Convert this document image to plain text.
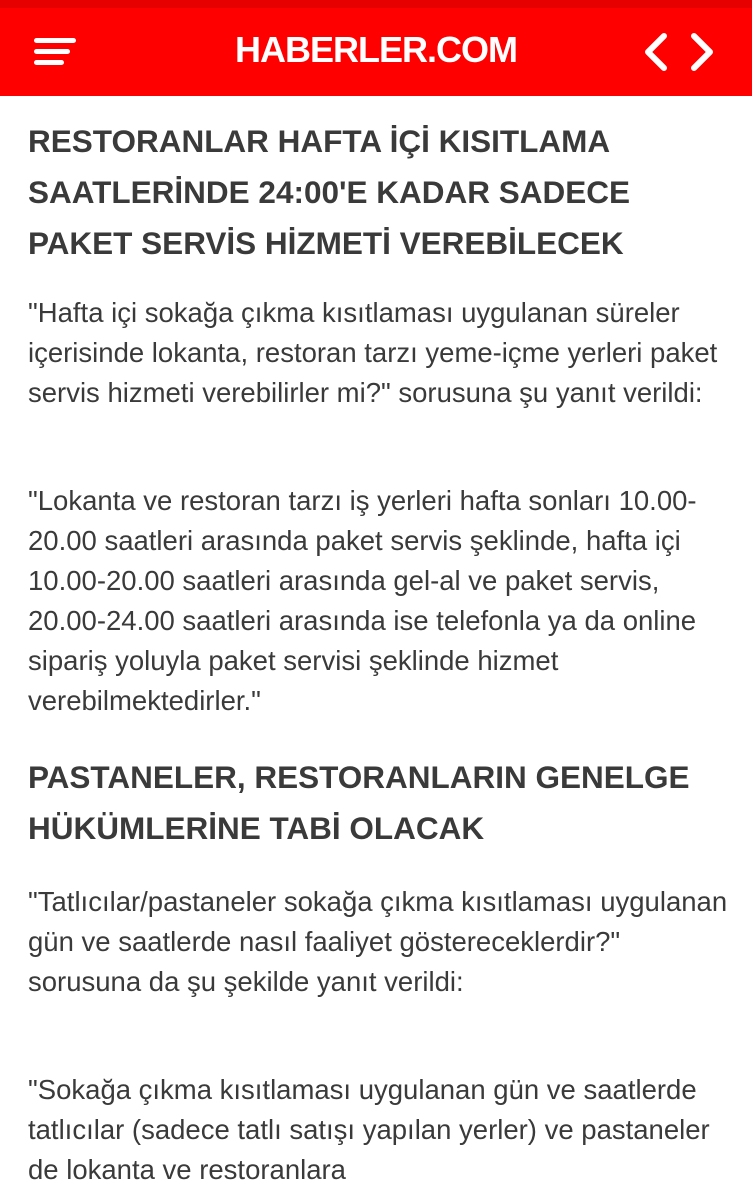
HABERLER.COM
RESTORANLAR HAFTA İÇİ KISITLAMA SAATLERİNDE 24:00'E KADAR SADECE PAKET SERVİS HİZMETİ VEREBİLECEK

"Hafta içi sokağa çıkma kısıtlaması uygulanan süreler içerisinde lokanta, restoran tarzı yeme-içme yerleri paket servis hizmeti verebilirler mi?" sorusuna şu yanıt verildi:

"Lokanta ve restoran tarzı iş yerleri hafta sonları 10.00-20.00 saatleri arasında paket servis şeklinde, hafta içi 10.00-20.00 saatleri arasında gel-al ve paket servis, 20.00-24.00 saatleri arasında ise telefonla ya da online sipariş yoluyla paket servisi şeklinde hizmet verebilmektedirler."

PASTANELER, RESTORANLARIN GENELGE HÜKÜMLERİNE TABİ OLACAK

"Tatlıcılar/pastaneler sokağa çıkma kısıtlaması uygulanan gün ve saatlerde nasıl faaliyet göstereceklerdir?" sorusuna da şu şekilde yanıt verildi:

"Sokağa çıkma kısıtlaması uygulanan gün ve saatlerde tatlıcılar (sadece tatlı satışı yapılan yerler) ve pastaneler de lokanta ve restoranlara
